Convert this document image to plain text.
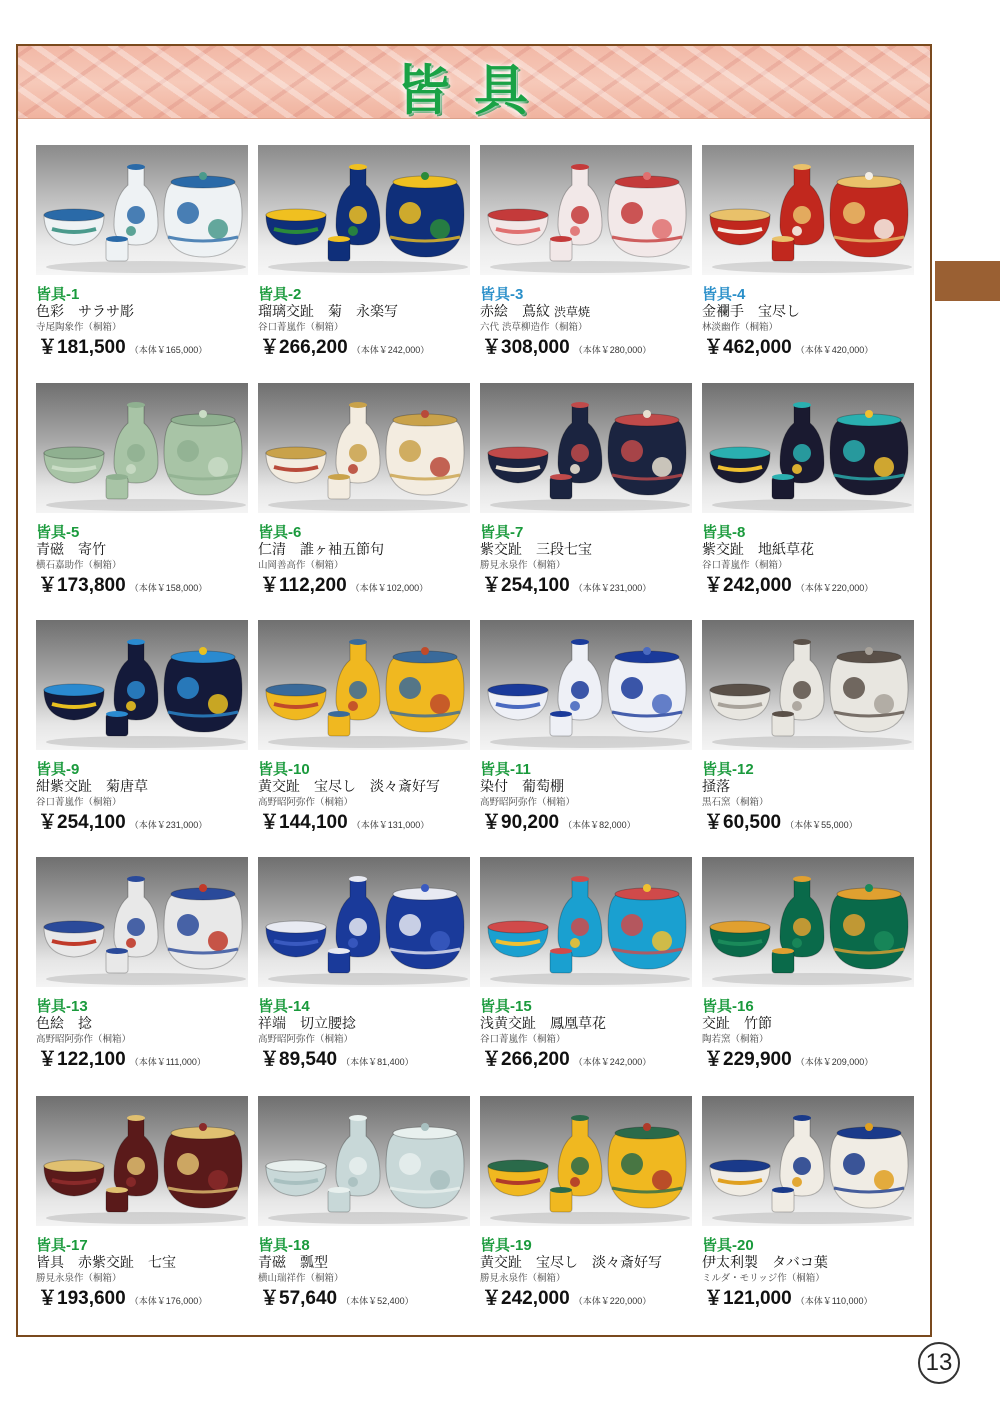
皆具
13
皆具-1
色彩　サラサ彫
寺尾陶象作（桐箱）
￥181,500 （本体￥165,000）
皆具-2
瑠璃交趾　菊　永楽写
谷口菁嵐作（桐箱）
￥266,200 （本体￥242,000）
皆具-3
赤絵　蔦紋 渋草焼
六代 渋草柳造作（桐箱）
￥308,000 （本体￥280,000）
皆具-4
金襴手　宝尽し
林淡幽作（桐箱）
￥462,000 （本体￥420,000）
皆具-5
青磁　寄竹
横石嘉助作（桐箱）
￥173,800 （本体￥158,000）
皆具-6
仁清　誰ヶ袖五節句
山岡善高作（桐箱）
￥112,200 （本体￥102,000）
皆具-7
紫交趾　三段七宝
勝見永泉作（桐箱）
￥254,100 （本体￥231,000）
皆具-8
紫交趾　地紙草花
谷口菁嵐作（桐箱）
￥242,000 （本体￥220,000）
皆具-9
紺紫交趾　菊唐草
谷口菁嵐作（桐箱）
￥254,100 （本体￥231,000）
皆具-10
黄交趾　宝尽し　淡々斎好写
高野昭阿弥作（桐箱）
￥144,100 （本体￥131,000）
皆具-11
染付　葡萄棚
高野昭阿弥作（桐箱）
￥90,200 （本体￥82,000）
皆具-12
掻落
黒石窯（桐箱）
￥60,500 （本体￥55,000）
皆具-13
色絵　捻
高野昭阿弥作（桐箱）
￥122,100 （本体￥111,000）
皆具-14
祥端　切立腰捻
高野昭阿弥作（桐箱）
￥89,540 （本体￥81,400）
皆具-15
浅黄交趾　鳳凰草花
谷口菁嵐作（桐箱）
￥266,200 （本体￥242,000）
皆具-16
交趾　竹節
陶若窯（桐箱）
￥229,900 （本体￥209,000）
皆具-17
皆具　赤紫交趾　七宝
勝見永泉作（桐箱）
￥193,600 （本体￥176,000）
皆具-18
青磁　瓢型
横山瑞祥作（桐箱）
￥57,640 （本体￥52,400）
皆具-19
黄交趾　宝尽し　淡々斎好写
勝見永泉作（桐箱）
￥242,000 （本体￥220,000）
皆具-20
伊太利製　タバコ葉
ミルダ・モリッジ作（桐箱）
￥121,000 （本体￥110,000）
